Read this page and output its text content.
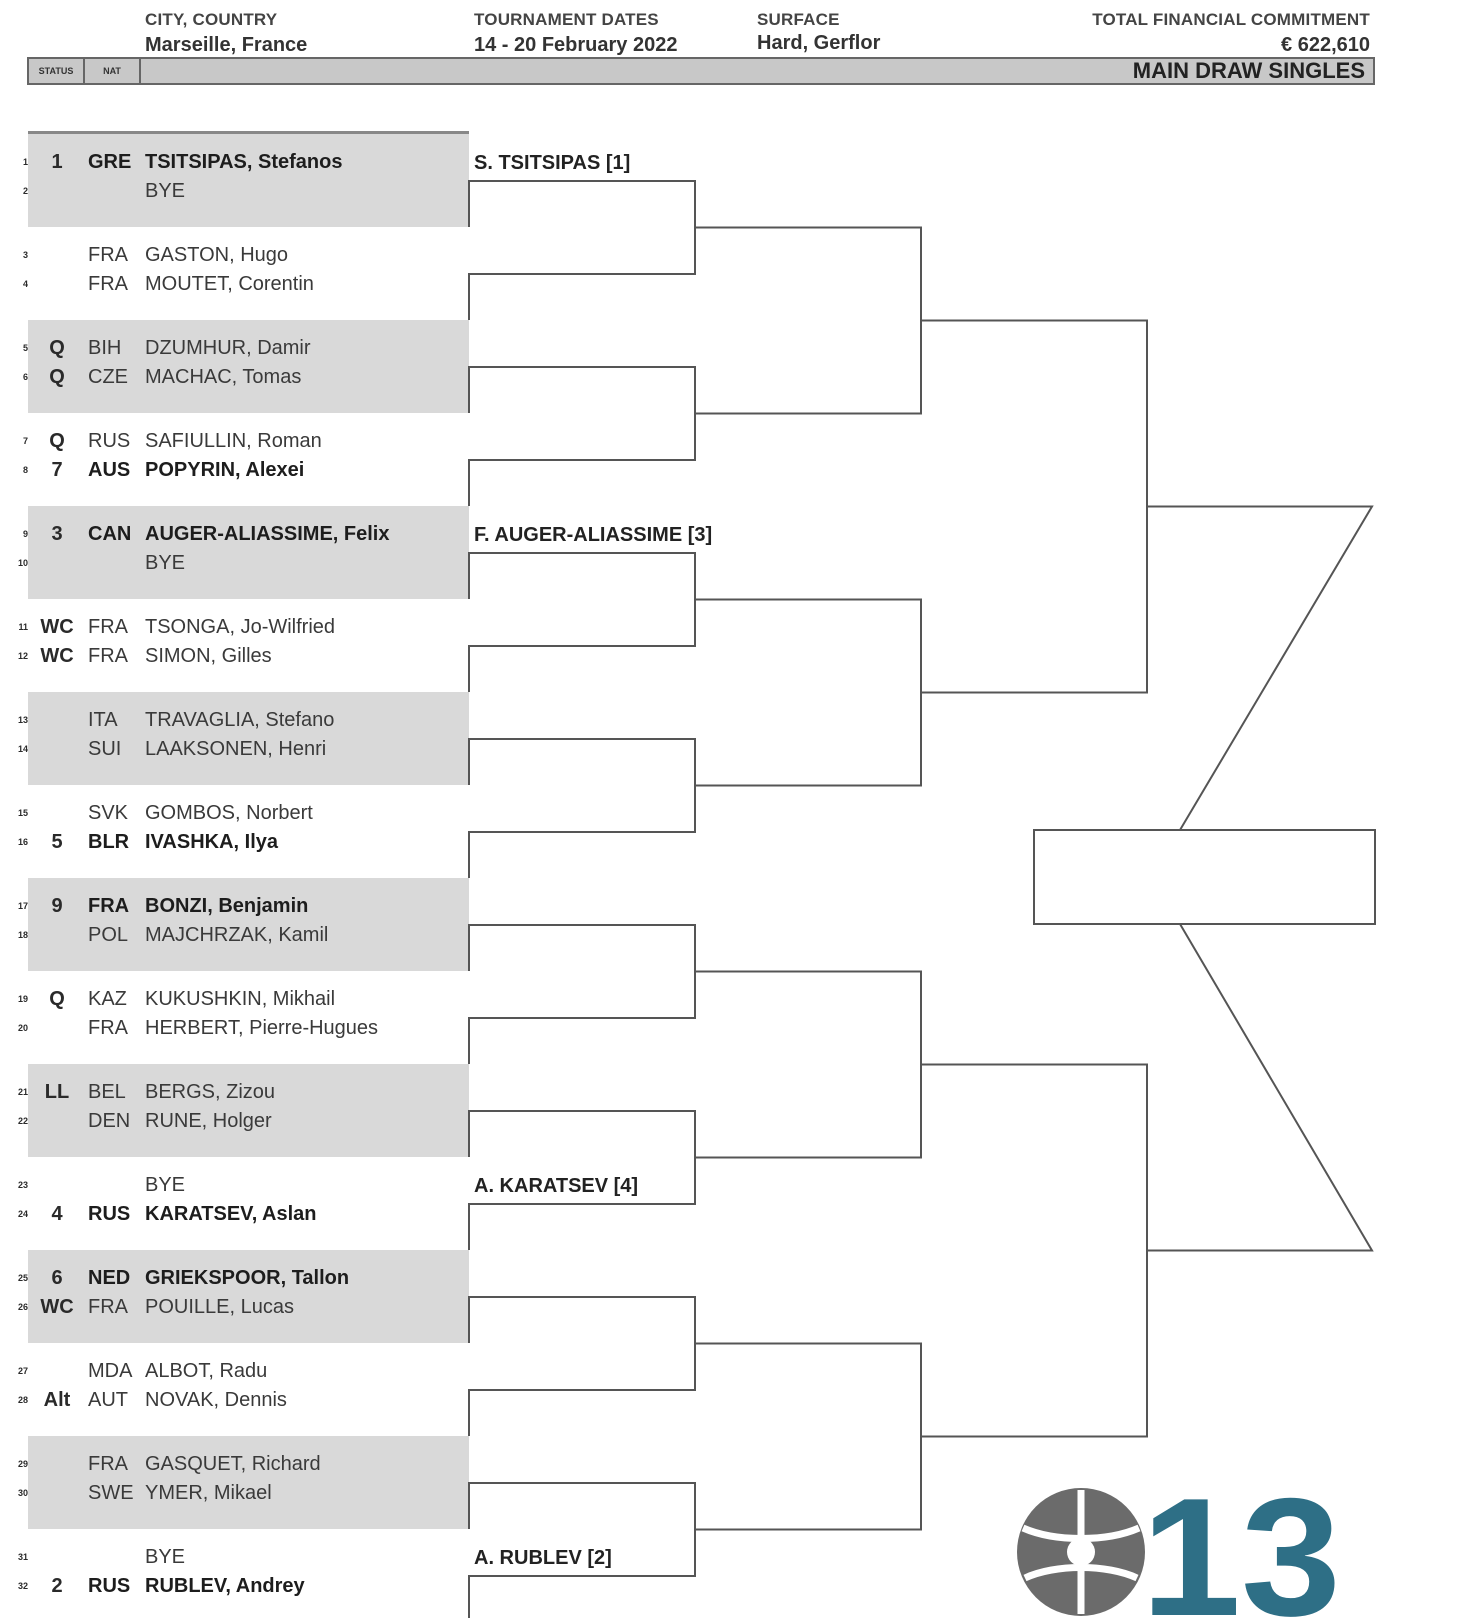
CITY, COUNTRY
Marseille, France
TOURNAMENT DATES
14 - 20 February 2022
SURFACE
Hard, Gerflor
TOTAL FINANCIAL COMMITMENT
€ 622,610
STATUS	NAT	MAIN DRAW SINGLES
1	1	GRE TSITSIPAS, Stefanos
2	BYE
3	FRA GASTON, Hugo
4	FRA MOUTET, Corentin
5	Q	BIH DZUMHUR, Damir
6	Q	CZE MACHAC, Tomas
7	Q	RUS SAFIULLIN, Roman
8	7	AUS POPYRIN, Alexei
9	3	CAN AUGER-ALIASSIME, Felix
10	BYE
11 WC FRA TSONGA, Jo-Wilfried
12 WC FRA SIMON, Gilles
13	ITA TRAVAGLIA, Stefano
14	SUI LAAKSONEN, Henri
15	SVK GOMBOS, Norbert
16	5	BLR IVASHKA, Ilya
17	9	FRA BONZI, Benjamin
18	POL MAJCHRZAK, Kamil
19	Q	KAZ KUKUSHKIN, Mikhail
20	FRA HERBERT, Pierre-Hugues
21 LL BEL BERGS, Zizou
22	DEN RUNE, Holger
23	BYE
24	4	RUS KARATSEV, Aslan
25	6	NED GRIEKSPOOR, Tallon
26 WC FRA POUILLE, Lucas
27	MDA ALBOT, Radu
28 Alt AUT NOVAK, Dennis
29	FRA GASQUET, Richard
30	SWE YMER, Mikael
31	BYE
32	2	RUS RUBLEV, Andrey
S. TSITSIPAS [1]
F. AUGER-ALIASSIME [3]
A. KARATSEV [4]
A. RUBLEV [2]	13
